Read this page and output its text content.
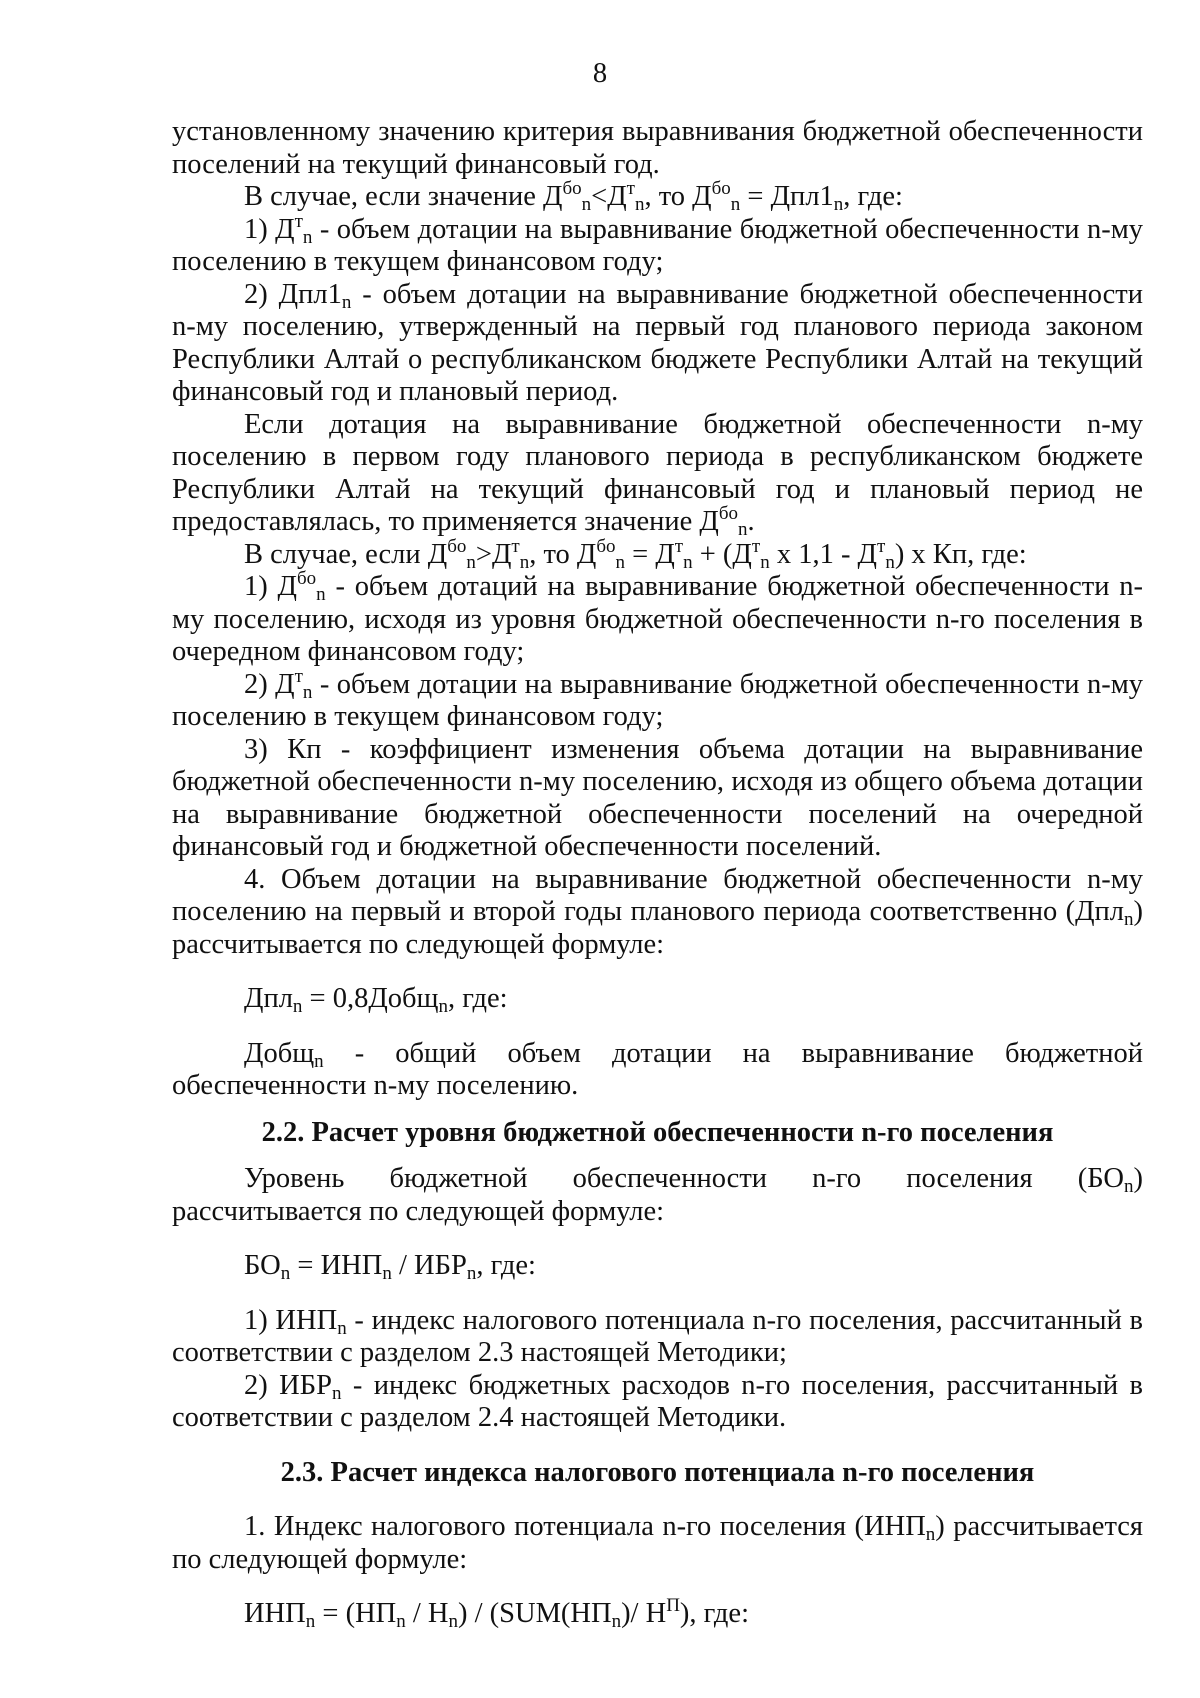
8

установленному значению критерия выравнивания бюджетной обеспеченности поселений на текущий финансовый год.

В случае, если значение $Д^{бо}_n<Д^т_n$, то $Д^{бо}_n = Дпл1_n$, где:

1) $Д^т_n$ - объем дотации на выравнивание бюджетной обеспеченности n-му поселению в текущем финансовом году;

2) $Дпл1_n$ - объем дотации на выравнивание бюджетной обеспеченности n-му поселению, утвержденный на первый год планового периода законом Республики Алтай о республиканском бюджете Республики Алтай на текущий финансовый год и плановый период.

Если дотация на выравнивание бюджетной обеспеченности n-му поселению в первом году планового периода в республиканском бюджете Республики Алтай на текущий финансовый год и плановый период не предоставлялась, то применяется значение $Д^{бо}_n$.

В случае, если $Д^{бо}_n>Д^т_n$, то $Д^{бо}_n = Д^т_n + (Д^т_n$ х $1,1 - Д^т_n$) х Кп, где:

1) $Д^{бо}_n$ - объем дотаций на выравнивание бюджетной обеспеченности n-му поселению, исходя из уровня бюджетной обеспеченности n-го поселения в очередном финансовом году;

2) $Д^т_n$ - объем дотации на выравнивание бюджетной обеспеченности n-му поселению в текущем финансовом году;

3) Кп - коэффициент изменения объема дотации на выравнивание бюджетной обеспеченности n-му поселению, исходя из общего объема дотации на выравнивание бюджетной обеспеченности поселений на очередной финансовый год и бюджетной обеспеченности поселений.

4. Объем дотации на выравнивание бюджетной обеспеченности n-му поселению на первый и второй годы планового периода соответственно (Дпл$_n$) рассчитывается по следующей формуле:

Дпл$_n$ = 0,8Добщ$_n$, где:

Добщ$_n$ - общий объем дотации на выравнивание бюджетной обеспеченности n-му поселению.

2.2. Расчет уровня бюджетной обеспеченности n-го поселения

Уровень бюджетной обеспеченности n-го поселения $(БО_n)$ рассчитывается по следующей формуле:

$БО_n = ИНП_n / ИБР_n$, где:

1) $ИНП_n$ - индекс налогового потенциала n-го поселения, рассчитанный в соответствии с разделом 2.3 настоящей Методики;

2) $ИБР_n$ - индекс бюджетных расходов n-го поселения, рассчитанный в соответствии с разделом 2.4 настоящей Методики.

2.3. Расчет индекса налогового потенциала n-го поселения

1. Индекс налогового потенциала n-го поселения $(ИНП_n)$ рассчитывается по следующей формуле:

$ИНП_n = (НП_n / Н_n) / (SUM(НП_n)/$ $Н^П$), где:
